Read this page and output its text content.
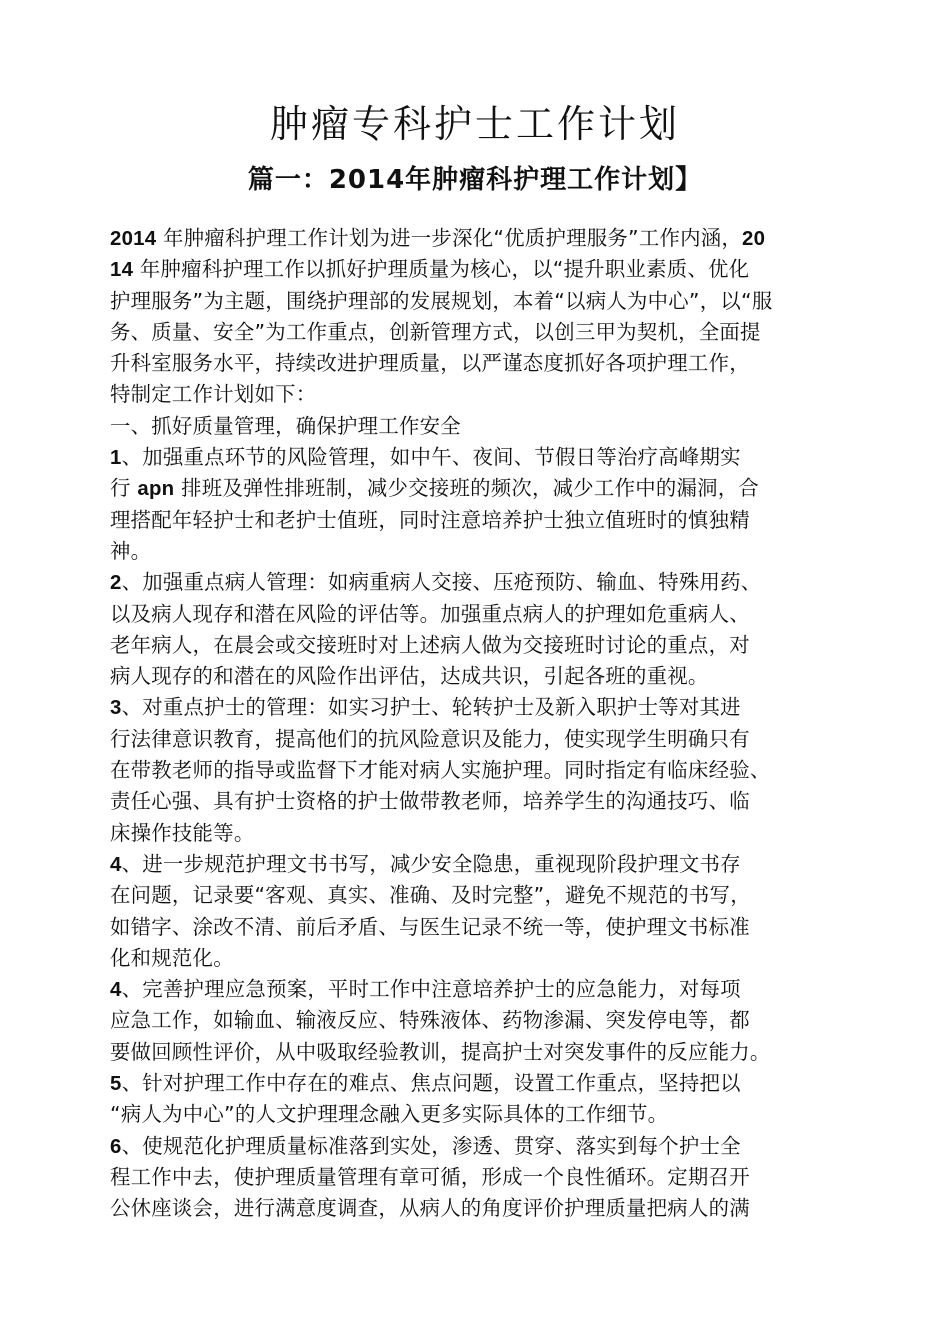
肿瘤专科护士工作计划
篇一：2014年肿瘤科护理工作计划】
2014 年肿瘤科护理工作计划为进一步深化“优质护理服务”工作内涵，20
14 年肿瘤科护理工作以抓好护理质量为核心，以“提升职业素质、优化
护理服务”为主题，围绕护理部的发展规划，本着“以病人为中心”，以“服
务、质量、安全”为工作重点，创新管理方式，以创三甲为契机，全面提
升科室服务水平，持续改进护理质量，以严谨态度抓好各项护理工作，
特制定工作计划如下：
一、抓好质量管理，确保护理工作安全
1、加强重点环节的风险管理，如中午、夜间、节假日等治疗高峰期实
行 apn 排班及弹性排班制，减少交接班的频次，减少工作中的漏洞，合
理搭配年轻护士和老护士值班，同时注意培养护士独立值班时的慎独精
神。
2、加强重点病人管理：如病重病人交接、压疮预防、输血、特殊用药、
以及病人现存和潜在风险的评估等。加强重点病人的护理如危重病人、
老年病人，在晨会或交接班时对上述病人做为交接班时讨论的重点，对
病人现存的和潜在的风险作出评估，达成共识，引起各班的重视。
3、对重点护士的管理：如实习护士、轮转护士及新入职护士等对其进
行法律意识教育，提高他们的抗风险意识及能力，使实现学生明确只有
在带教老师的指导或监督下才能对病人实施护理。同时指定有临床经验、
责任心强、具有护士资格的护士做带教老师，培养学生的沟通技巧、临
床操作技能等。
4、进一步规范护理文书书写，减少安全隐患，重视现阶段护理文书存
在问题，记录要“客观、真实、准确、及时完整”，避免不规范的书写，
如错字、涂改不清、前后矛盾、与医生记录不统一等，使护理文书标准
化和规范化。
4、完善护理应急预案，平时工作中注意培养护士的应急能力，对每项
应急工作，如输血、输液反应、特殊液体、药物渗漏、突发停电等，都
要做回顾性评价，从中吸取经验教训，提高护士对突发事件的反应能力。
5、针对护理工作中存在的难点、焦点问题，设置工作重点，坚持把以
“病人为中心”的人文护理理念融入更多实际具体的工作细节。
6、使规范化护理质量标准落到实处，渗透、贯穿、落实到每个护士全
程工作中去，使护理质量管理有章可循，形成一个良性循环。定期召开
公休座谈会，进行满意度调查，从病人的角度评价护理质量把病人的满
